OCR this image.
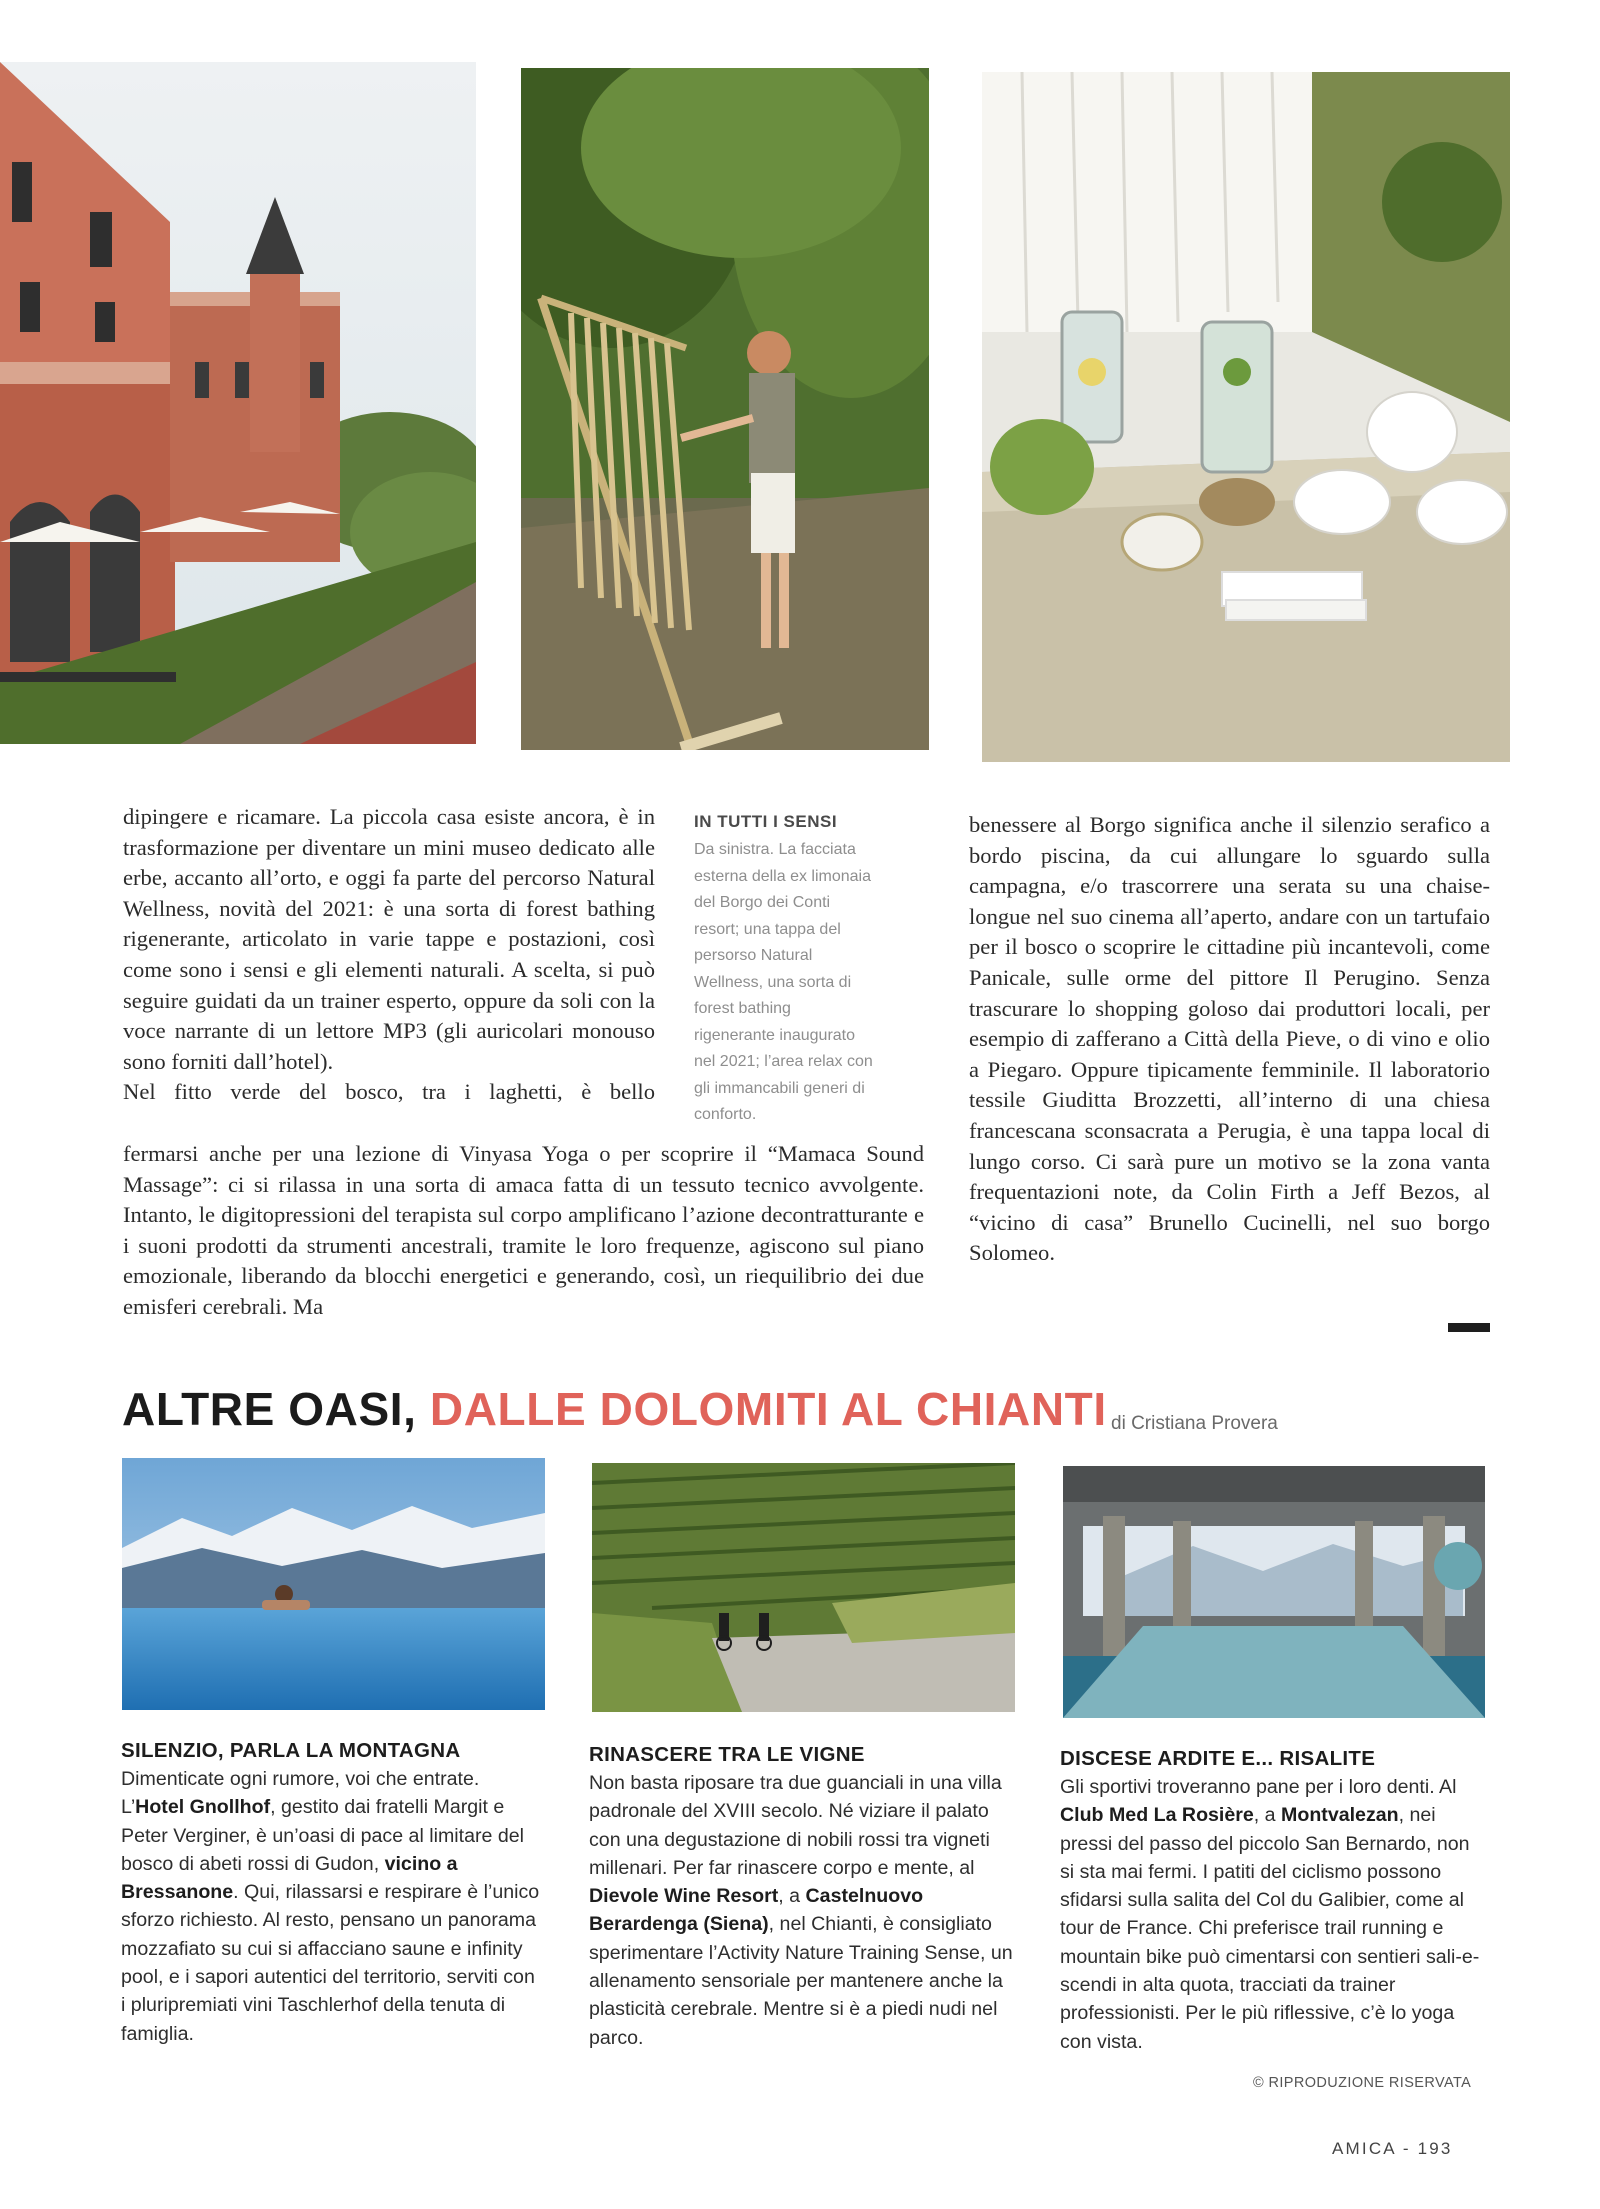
dipingere e ricamare. La piccola casa esiste ancora, è in trasformazione per diventare un mini museo dedicato alle erbe, accanto all’orto, e oggi fa parte del percorso Natural Wellness, novità del 2021: è una sorta di forest bathing rigenerante, articolato in varie tappe e postazioni, così come sono i sensi e gli elementi naturali. A scelta, si può seguire guidati da un trainer esperto, oppure da soli con la voce narrante di un lettore MP3 (gli auricolari monouso sono forniti dall’hotel).

Nel fitto verde del bosco, tra i laghetti, è bello

fermarsi anche per una lezione di Vinyasa Yoga o per scoprire il “Mamaca Sound Massage”: ci si rilassa in una sorta di amaca fatta di un tessuto tecnico avvolgente. Intanto, le digitopressioni del terapista sul corpo amplificano l’azione decontratturante e i suoni prodotti da strumenti ancestrali, tramite le loro frequenze, agiscono sul piano emozionale, liberando da blocchi energetici e generando, così, un riequilibrio dei due emisferi cerebrali. Ma

IN TUTTI I SENSI
Da sinistra. La facciata esterna della ex limonaia del Borgo dei Conti resort; una tappa del persorso Natural Wellness, una sorta di forest bathing rigenerante inaugurato nel 2021; l’area relax con gli immancabili generi di conforto.

benessere al Borgo significa anche il silenzio serafico a bordo piscina, da cui allungare lo sguardo sulla campagna, e/o trascorrere una serata su una chaise-longue nel suo cinema all’aperto, andare con un tartufaio per il bosco o scoprire le cittadine più incantevoli, come Panicale, sulle orme del pittore Il Perugino. Senza trascurare lo shopping goloso dai produttori locali, per esempio di zafferano a Città della Pieve, o di vino e olio a Piegaro. Oppure tipicamente femminile. Il laboratorio tessile Giuditta Brozzetti, all’interno di una chiesa francescana sconsacrata a Perugia, è una tappa local di lungo corso. Ci sarà pure un motivo se la zona vanta frequentazioni note, da Colin Firth a Jeff Bezos, al “vicino di casa” Brunello Cucinelli, nel suo borgo Solomeo.

ALTRE OASI, DALLE DOLOMITI AL CHIANTI di Cristiana Provera
SILENZIO, PARLA LA MONTAGNA
Dimenticate ogni rumore, voi che entrate. L’Hotel Gnollhof, gestito dai fratelli Margit e Peter Verginer, è un’oasi di pace al limitare del bosco di abeti rossi di Gudon, vicino a Bressanone. Qui, rilassarsi e respirare è l’unico sforzo richiesto. Al resto, pensano un panorama mozzafiato su cui si affacciano saune e infinity pool, e i sapori autentici del territorio, serviti con i pluripremiati vini Taschlerhof della tenuta di famiglia.
RINASCERE TRA LE VIGNE
Non basta riposare tra due guanciali in una villa padronale del XVIII secolo. Né viziare il palato con una degustazione di nobili rossi tra vigneti millenari. Per far rinascere corpo e mente, al Dievole Wine Resort, a Castelnuovo Berardenga (Siena), nel Chianti, è consigliato sperimentare l’Activity Nature Training Sense, un allenamento sensoriale per mantenere anche la plasticità cerebrale. Mentre si è a piedi nudi nel parco.
DISCESE ARDITE E... RISALITE
Gli sportivi troveranno pane per i loro denti. Al Club Med La Rosière, a Montvalezan, nei pressi del passo del piccolo San Bernardo, non si sta mai fermi. I patiti del ciclismo possono sfidarsi sulla salita del Col du Galibier, come al tour de France. Chi preferisce trail running e mountain bike può cimentarsi con sentieri sali-e-scendi in alta quota, tracciati da trainer professionisti. Per le più riflessive, c’è lo yoga con vista.
© RIPRODUZIONE RISERVATA
AMICA - 193
